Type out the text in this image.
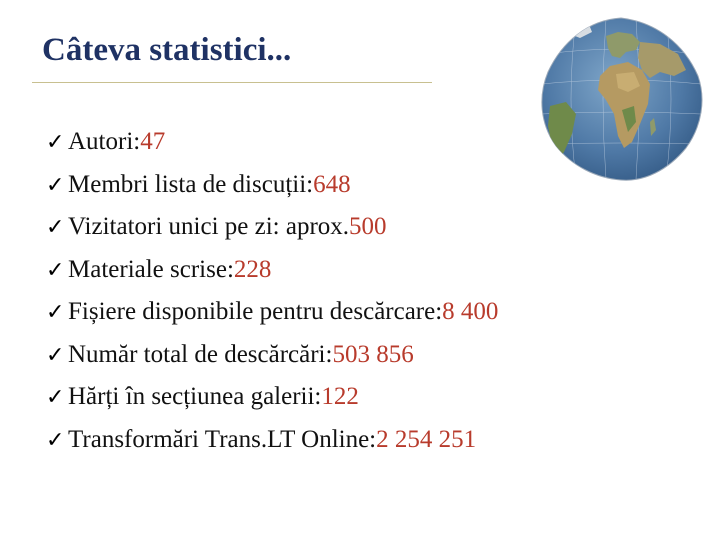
Câteva statistici...
✓ Autori: 47
✓ Membri lista de discuții: 648
✓ Vizitatori unici pe zi: aprox. 500
✓ Materiale scrise: 228
✓ Fișiere disponibile pentru descărcare: 8 400
✓ Număr total de descărcări: 503 856
✓ Hărți în secțiunea galerii: 122
✓ Transformări Trans.LT Online: 2 254 251
